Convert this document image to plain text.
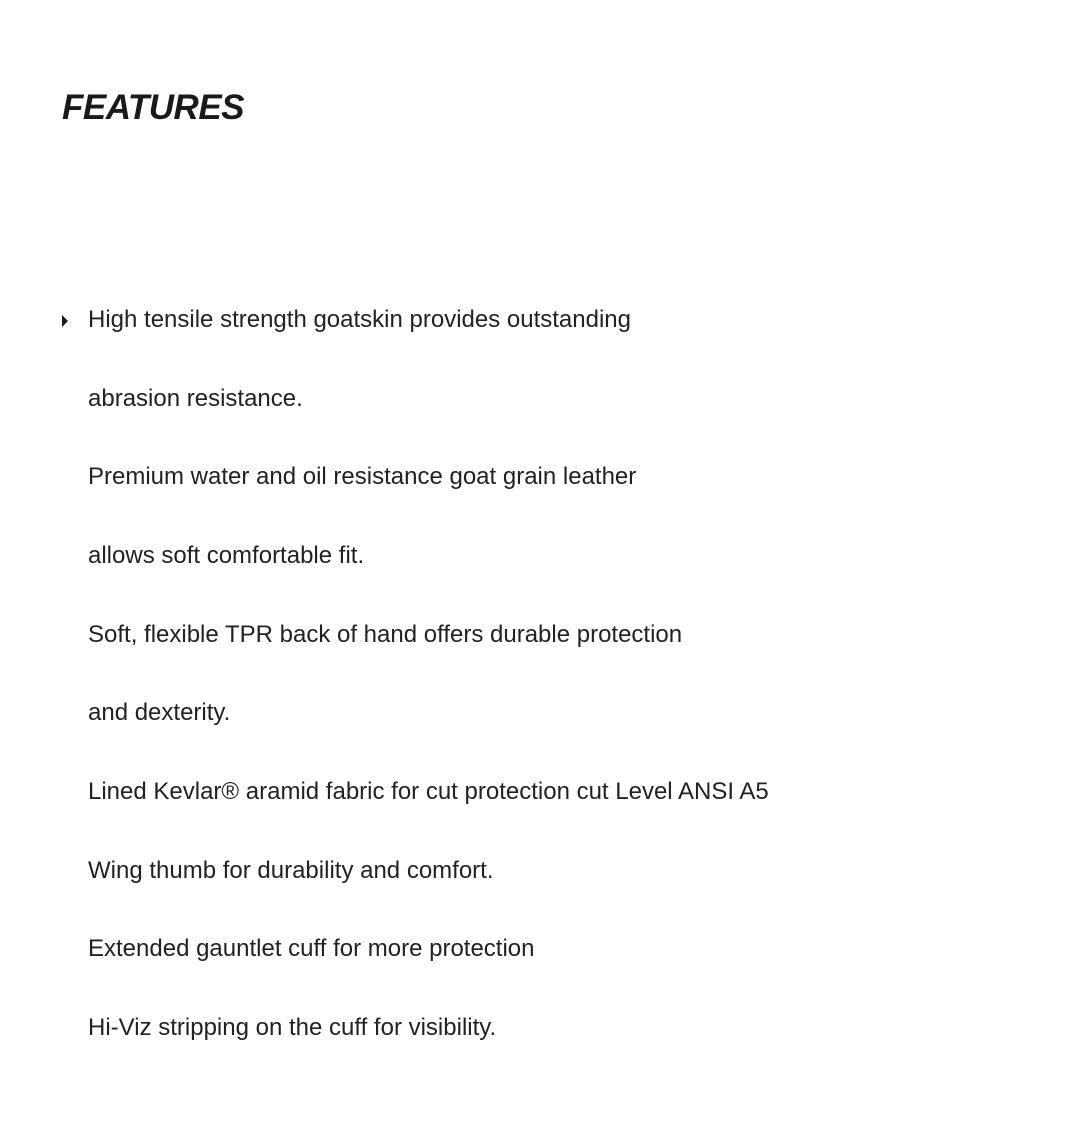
FEATURES
High tensile strength goatskin provides outstanding
abrasion resistance.
Premium water and oil resistance goat grain leather
allows soft comfortable fit.
Soft, flexible TPR back of hand offers durable protection
and dexterity.
Lined Kevlar® aramid fabric for cut protection cut Level ANSI A5
Wing thumb for durability and comfort.
Extended gauntlet cuff for more protection
Hi-Viz stripping on the cuff for visibility.
